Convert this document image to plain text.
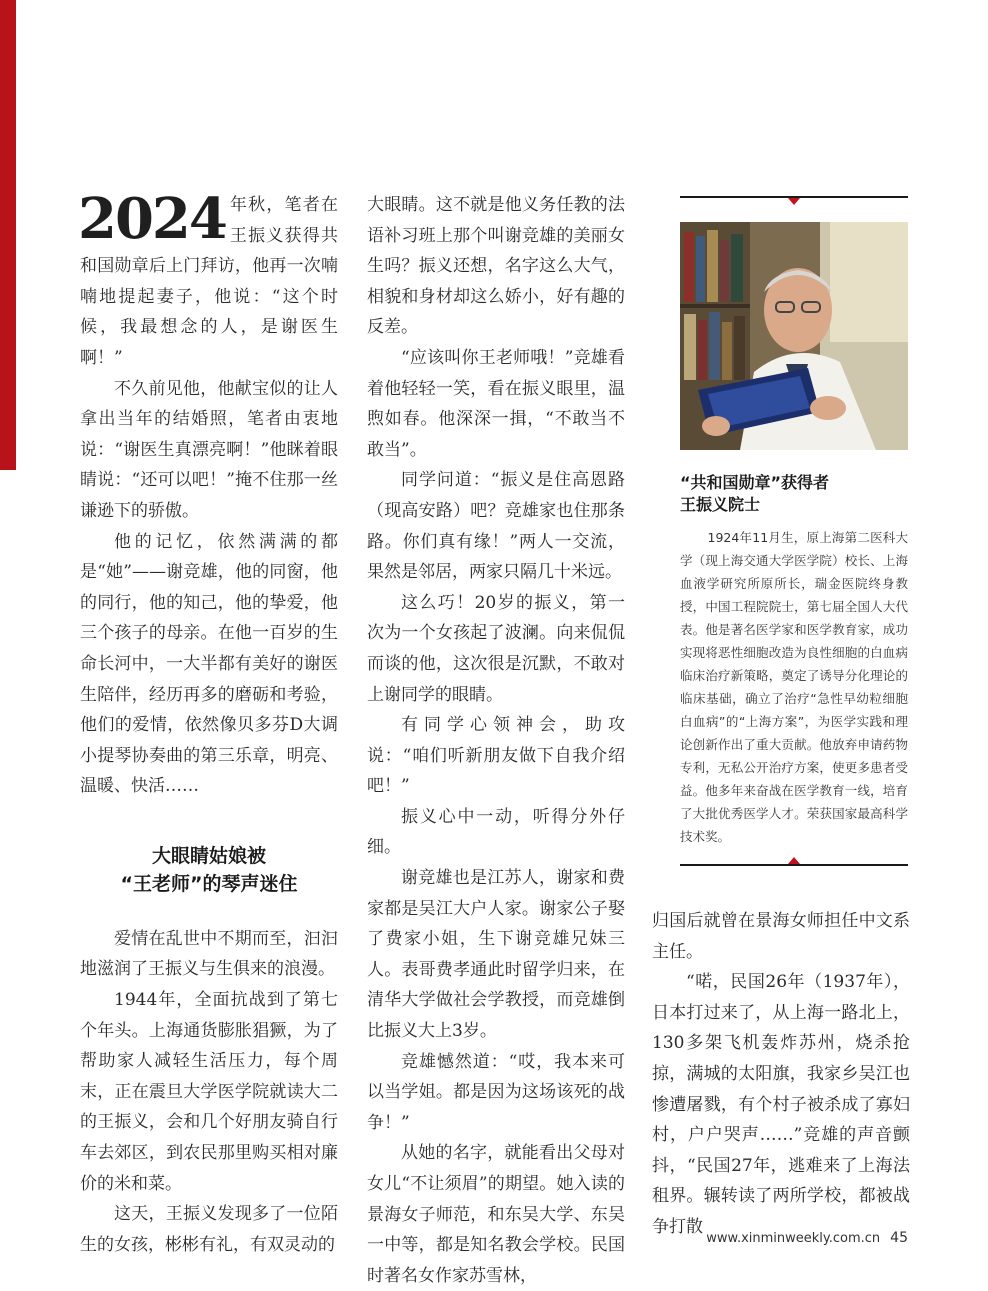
2024 年秋，笔者在王振义获得共和国勋章后上门拜访，他再一次喃喃地提起妻子，他说：“这个时候，我最想念的人，是谢医生啊！”

不久前见他，他献宝似的让人拿出当年的结婚照，笔者由衷地说：“谢医生真漂亮啊！”他眯着眼睛说：“还可以吧！”掩不住那一丝谦逊下的骄傲。

他的记忆，依然满满的都是“她”——谢竞雄，他的同窗，他的同行，他的知己，他的挚爱，他三个孩子的母亲。在他一百岁的生命长河中，一大半都有美好的谢医生陪伴，经历再多的磨砺和考验，他们的爱情，依然像贝多芬D大调小提琴协奏曲的第三乐章，明亮、温暖、快活……

大眼睛姑娘被
“王老师”的琴声迷住

爱情在乱世中不期而至，汩汩地滋润了王振义与生俱来的浪漫。

1944年，全面抗战到了第七个年头。上海通货膨胀猖獗，为了帮助家人减轻生活压力，每个周末，正在震旦大学医学院就读大二的王振义，会和几个好朋友骑自行车去郊区，到农民那里购买相对廉价的米和菜。

这天，王振义发现多了一位陌生的女孩，彬彬有礼，有双灵动的

大眼睛。这不就是他义务任教的法语补习班上那个叫谢竞雄的美丽女生吗？振义还想，名字这么大气，相貌和身材却这么娇小，好有趣的反差。

“应该叫你王老师哦！”竞雄看着他轻轻一笑，看在振义眼里，温煦如春。他深深一揖，“不敢当不敢当”。

同学问道：“振义是住高恩路（现高安路）吧？竞雄家也住那条路。你们真有缘！”两人一交流，果然是邻居，两家只隔几十米远。

这么巧！20岁的振义，第一次为一个女孩起了波澜。向来侃侃而谈的他，这次很是沉默，不敢对上谢同学的眼睛。

有同学心领神会，助攻说：“咱们听新朋友做下自我介绍吧！”

振义心中一动，听得分外仔细。

谢竞雄也是江苏人，谢家和费家都是吴江大户人家。谢家公子娶了费家小姐，生下谢竞雄兄妹三人。表哥费孝通此时留学归来，在清华大学做社会学教授，而竞雄倒比振义大上3岁。

竞雄憾然道：“哎，我本来可以当学姐。都是因为这场该死的战争！”

从她的名字，就能看出父母对女儿“不让须眉”的期望。她入读的景海女子师范，和东吴大学、东吴一中等，都是知名教会学校。民国时著名女作家苏雪林，

“共和国勋章”获得者
王振义院士
1924年11月生，原上海第二医科大学（现上海交通大学医学院）校长、上海血液学研究所原所长，瑞金医院终身教授，中国工程院院士，第七届全国人大代表。他是著名医学家和医学教育家，成功实现将恶性细胞改造为良性细胞的白血病临床治疗新策略，奠定了诱导分化理论的临床基础，确立了治疗“急性早幼粒细胞白血病”的“上海方案”，为医学实践和理论创新作出了重大贡献。他放弃申请药物专利，无私公开治疗方案，使更多患者受益。他多年来奋战在医学教育一线，培育了大批优秀医学人才。荣获国家最高科学技术奖。

归国后就曾在景海女师担任中文系主任。

“喏，民国26年（1937年），日本打过来了，从上海一路北上，130多架飞机轰炸苏州，烧杀抢掠，满城的太阳旗，我家乡吴江也惨遭屠戮，有个村子被杀成了寡妇村，户户哭声……”竞雄的声音颤抖，“民国27年，逃难来了上海法租界。辗转读了两所学校，都被战争打散

www.xinminweekly.com.cn 45
